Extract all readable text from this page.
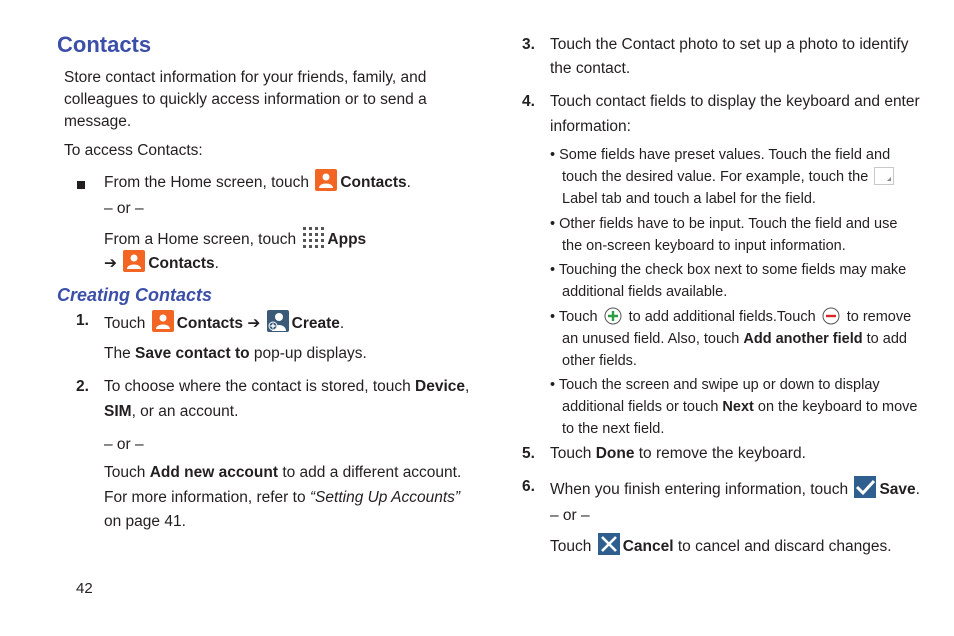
Contacts
Store contact information for your friends, family, and
colleagues to quickly access information or to send a
message.
To access Contacts:
From the Home screen, touch Contacts.
– or –
From a Home screen, touch Apps
➔ Contacts.
Creating Contacts
1. Touch Contacts ➔ Create.
The Save contact to pop-up displays.
2. To choose where the contact is stored, touch Device,
SIM, or an account.
– or –
Touch Add new account to add a different account.
For more information, refer to “Setting Up Accounts”
on page 41.
42
3. Touch the Contact photo to set up a photo to identify
the contact.
4. Touch contact fields to display the keyboard and enter
information:
• Some fields have preset values. Touch the field and
touch the desired value. For example, touch the
Label tab and touch a label for the field.
• Other fields have to be input. Touch the field and use
the on-screen keyboard to input information.
• Touching the check box next to some fields may make
additional fields available.
• Touch to add additional fields.Touch to remove
an unused field. Also, touch Add another field to add
other fields.
• Touch the screen and swipe up or down to display
additional fields or touch Next on the keyboard to move
to the next field.
5. Touch Done to remove the keyboard.
6. When you finish entering information, touch Save.
– or –
Touch Cancel to cancel and discard changes.
